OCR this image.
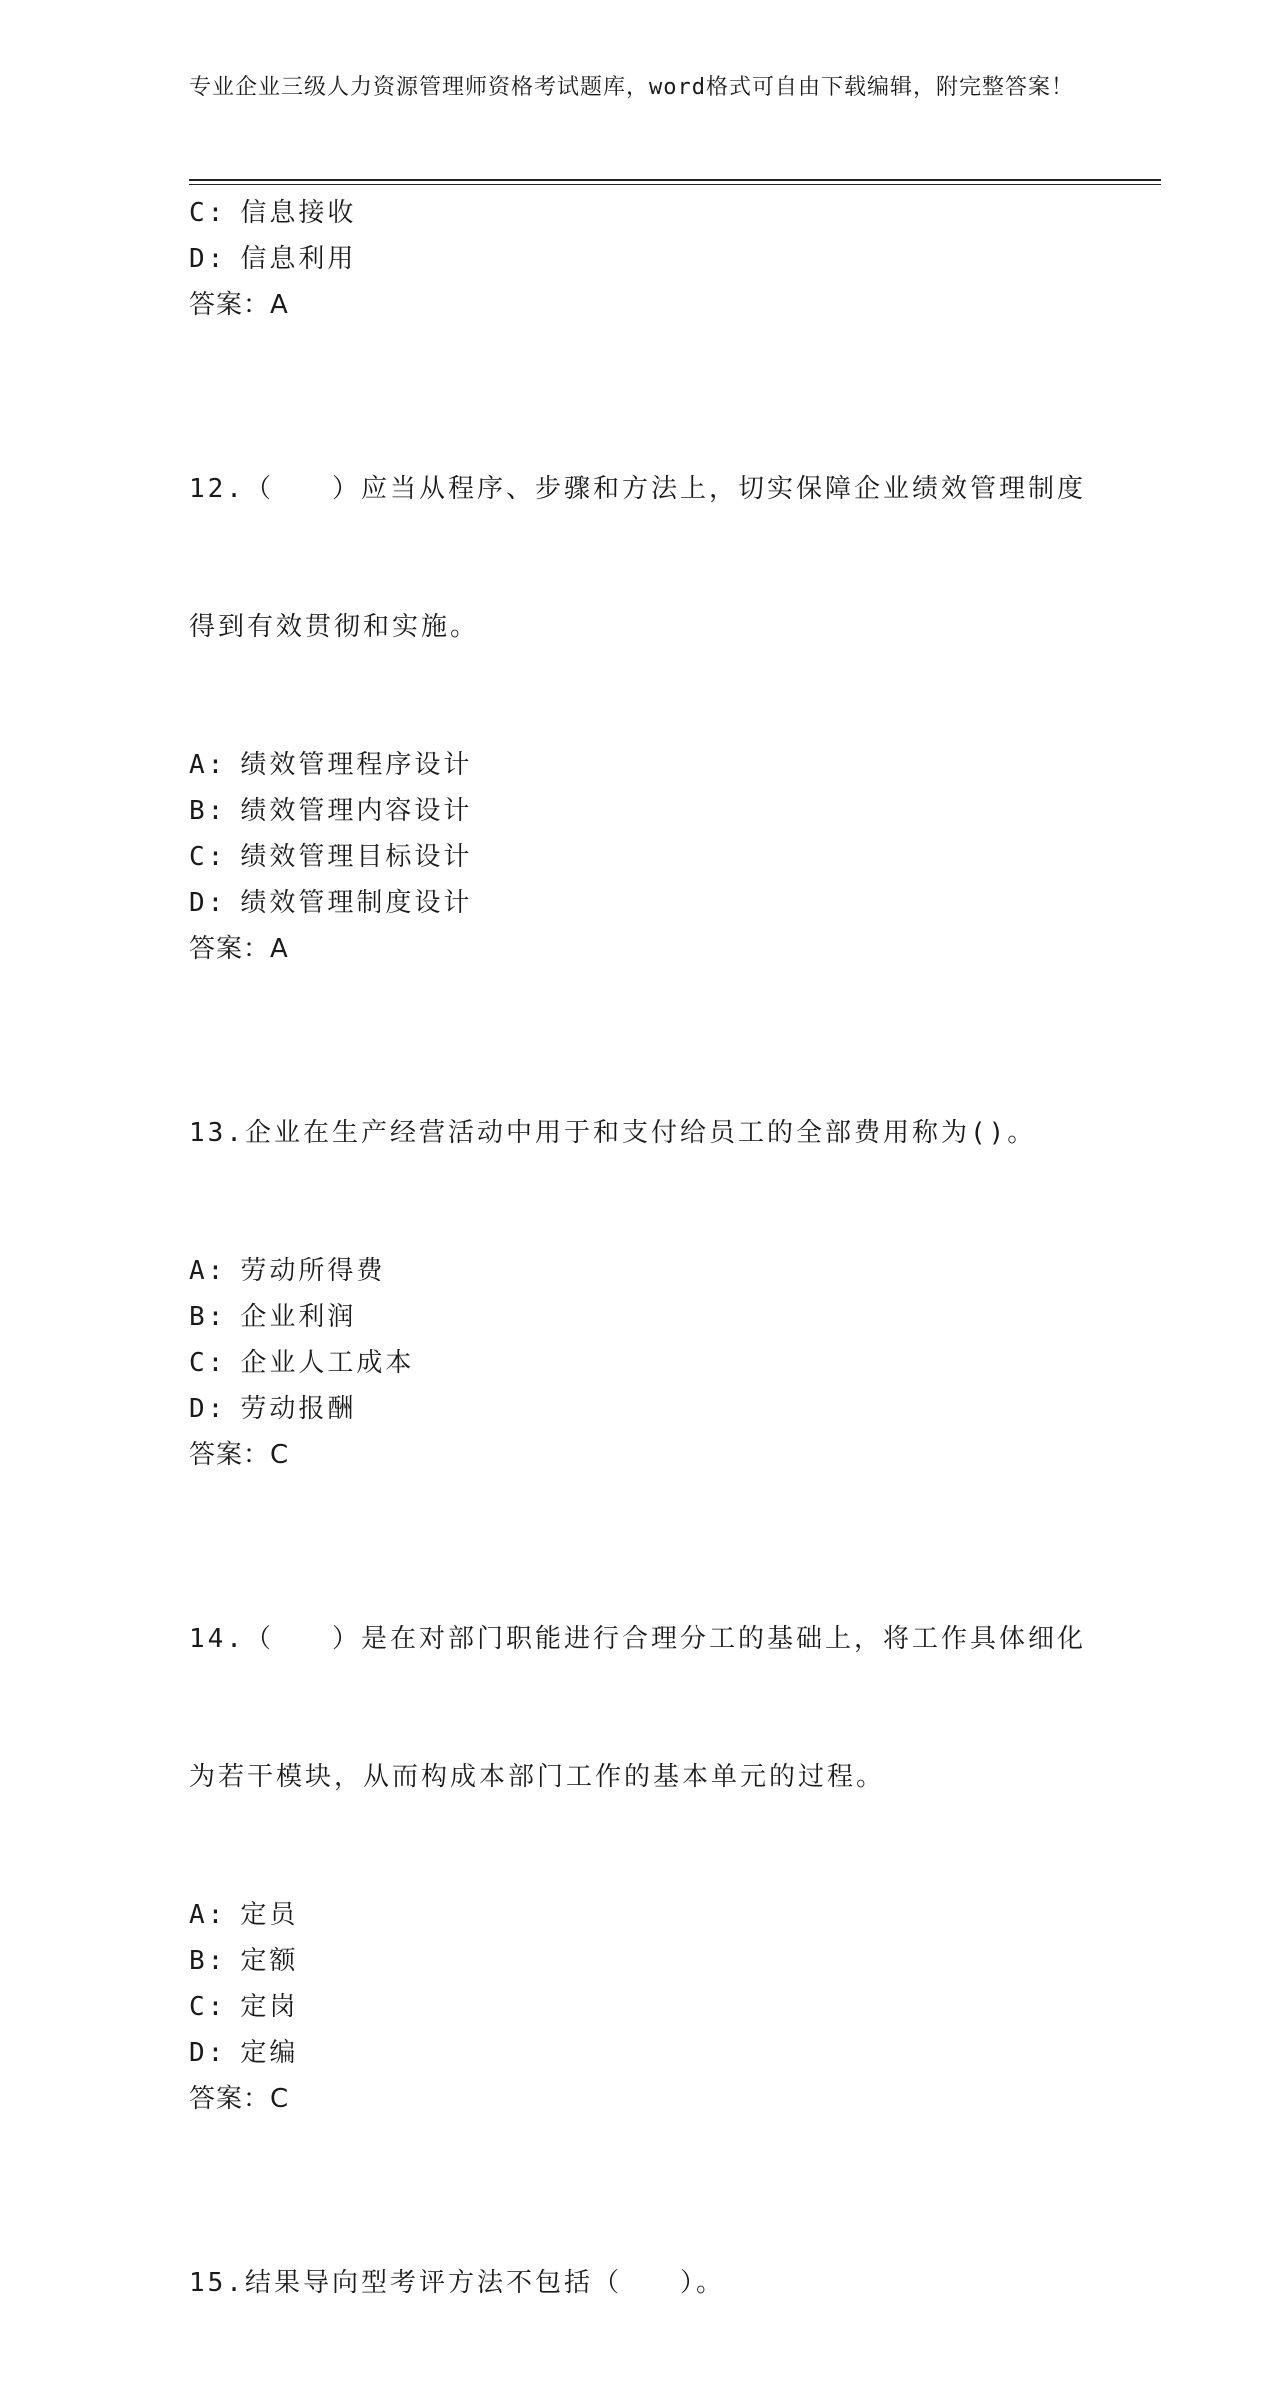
专业企业三级人力资源管理师资格考试题库，word格式可自由下载编辑，附完整答案！
C: 信息接收
D: 信息利用
答案：A

12.（　　）应当从程序、步骤和方法上，切实保障企业绩效管理制度

得到有效贯彻和实施。

A: 绩效管理程序设计
B: 绩效管理内容设计
C: 绩效管理目标设计
D: 绩效管理制度设计
答案：A

13.企业在生产经营活动中用于和支付给员工的全部费用称为()。

A: 劳动所得费
B: 企业利润
C: 企业人工成本
D: 劳动报酬
答案：C

14.（　　）是在对部门职能进行合理分工的基础上，将工作具体细化

为若干模块，从而构成本部门工作的基本单元的过程。

A: 定员
B: 定额
C: 定岗
D: 定编
答案：C

15.结果导向型考评方法不包括（　　）。
